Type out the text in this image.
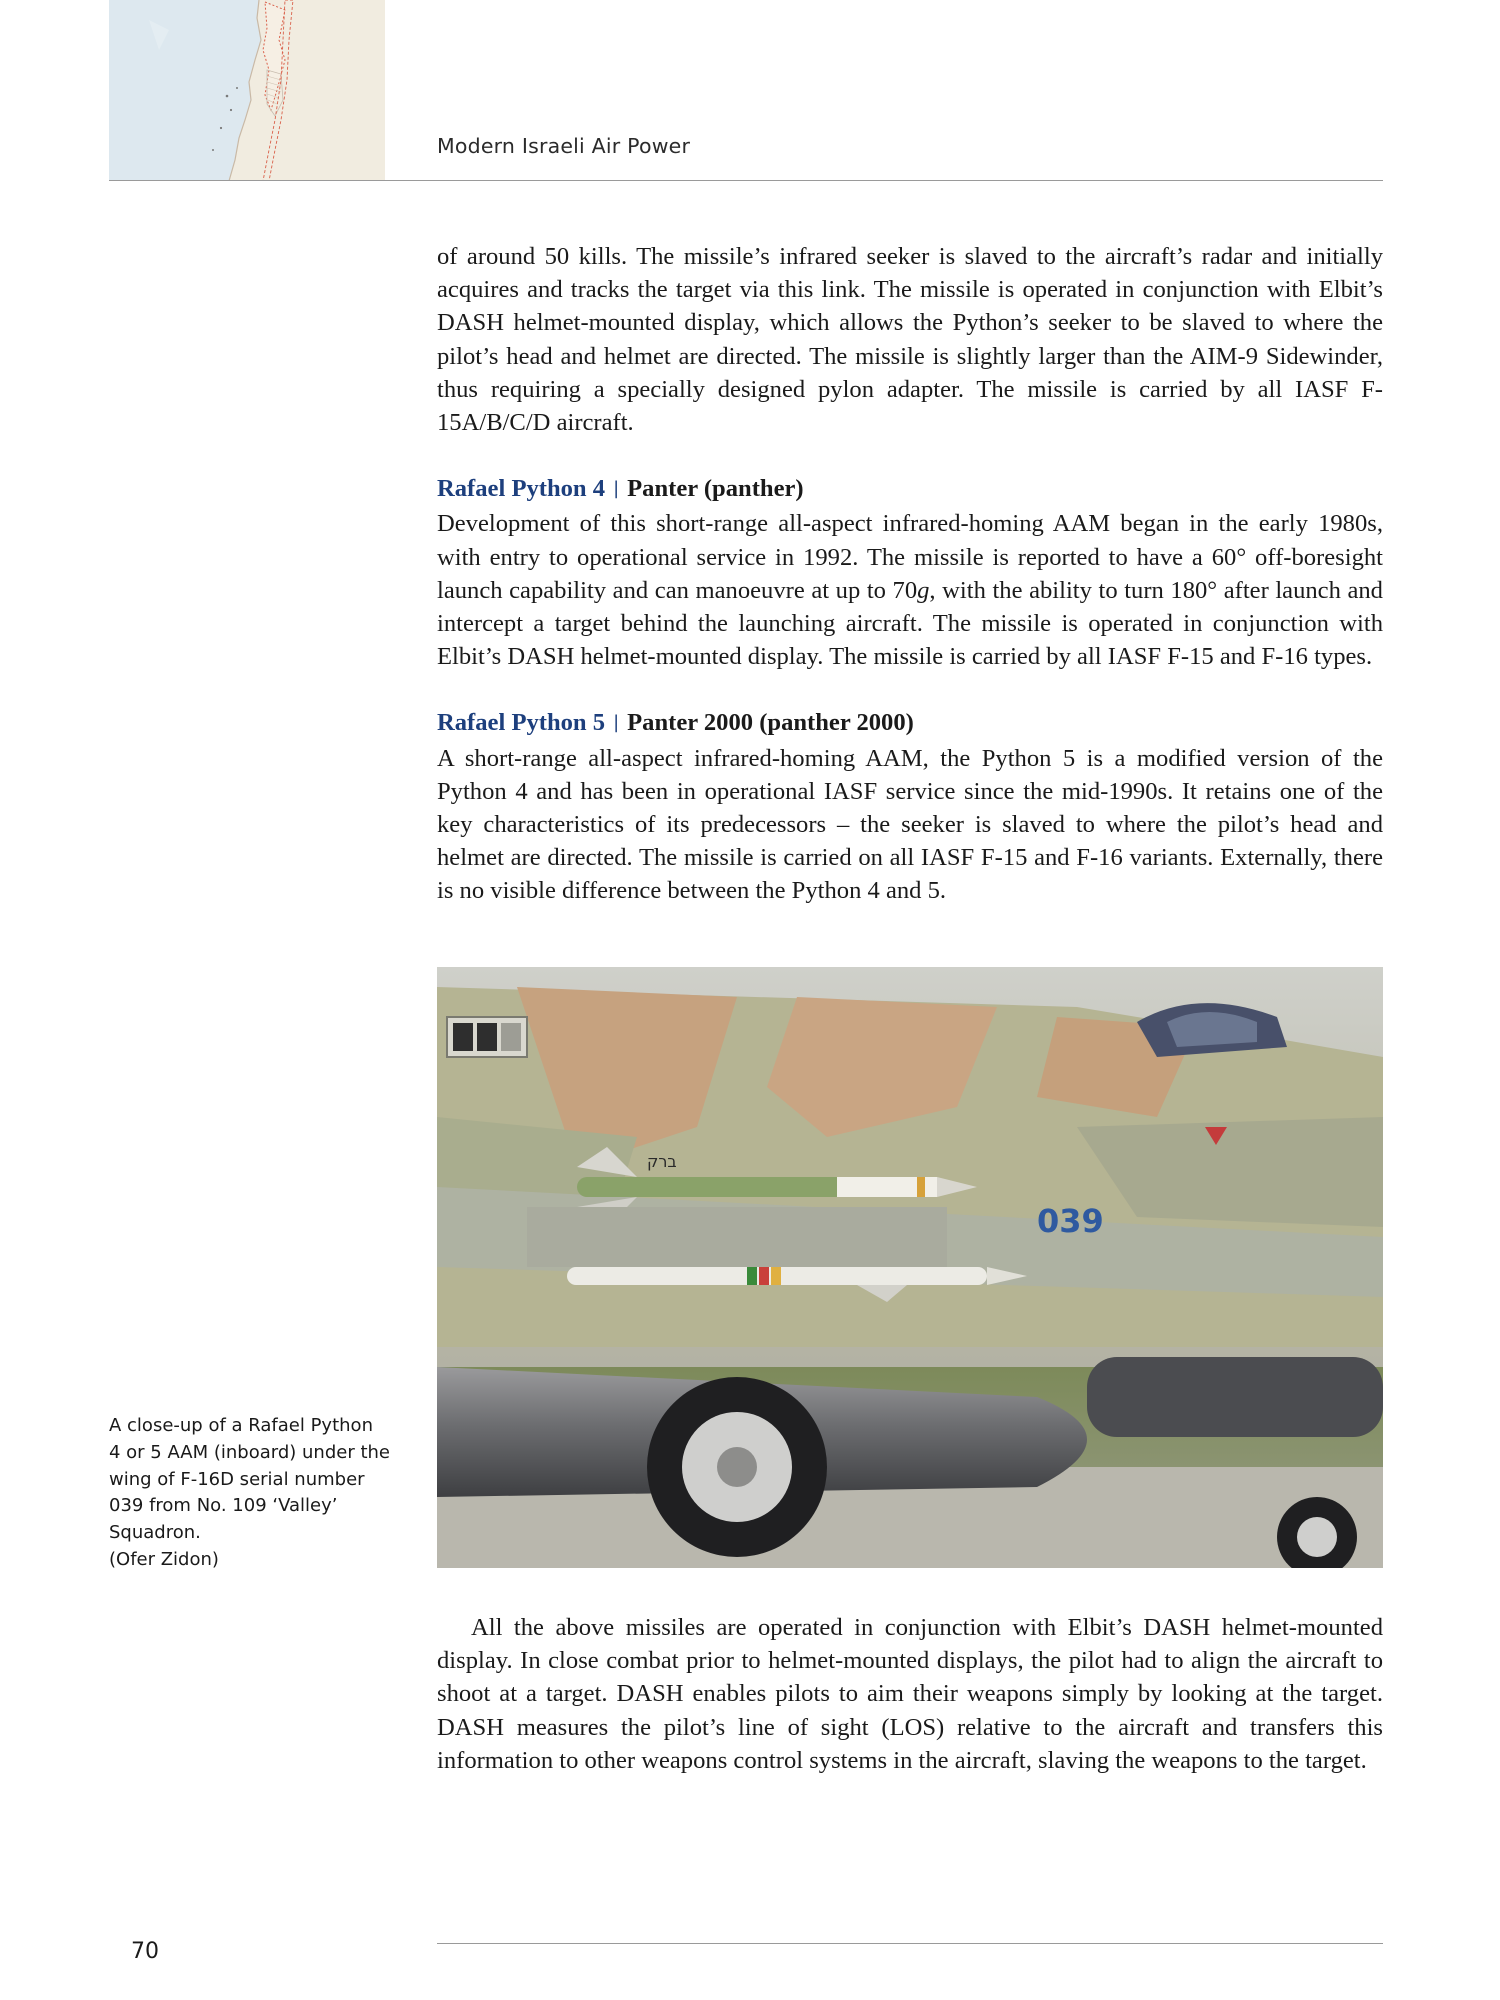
Modern Israeli Air Power

of around 50 kills. The missile’s infrared seeker is slaved to the aircraft’s radar and initially acquires and tracks the target via this link. The missile is operated in conjunction with Elbit’s DASH helmet-mounted display, which allows the Python’s seeker to be slaved to where the pilot’s head and helmet are directed. The missile is slightly larger than the AIM-9 Sidewinder, thus requiring a specially designed pylon adapter. The missile is carried by all IASF F-15A/B/C/D aircraft.

Rafael Python 4 | Panter (panther)

Development of this short-range all-aspect infrared-homing AAM began in the early 1980s, with entry to operational service in 1992. The missile is reported to have a 60° off-boresight launch capability and can manoeuvre at up to 70g, with the ability to turn 180° after launch and intercept a target behind the launching aircraft. The missile is operated in conjunction with Elbit’s DASH helmet-mounted display. The missile is carried by all IASF F-15 and F-16 types.

Rafael Python 5 | Panter 2000 (panther 2000)

A short-range all-aspect infrared-homing AAM, the Python 5 is a modified version of the Python 4 and has been in operational IASF service since the mid-1990s. It retains one of the key characteristics of its predecessors – the seeker is slaved to where the pilot’s head and helmet are directed. The missile is carried on all IASF F-15 and F-16 variants. Externally, there is no visible difference between the Python 4 and 5.

ברק
039
A close-up of a Rafael Python
4 or 5 AAM (inboard) under the
wing of F-16D serial number
039 from No. 109 ‘Valley’
Squadron.
(Ofer Zidon)

All the above missiles are operated in conjunction with Elbit’s DASH helmet-mounted display. In close combat prior to helmet-mounted displays, the pilot had to align the aircraft to shoot at a target. DASH enables pilots to aim their weapons simply by looking at the target. DASH measures the pilot’s line of sight (LOS) relative to the aircraft and transfers this information to other weapons control systems in the aircraft, slaving the weapons to the target.

70
